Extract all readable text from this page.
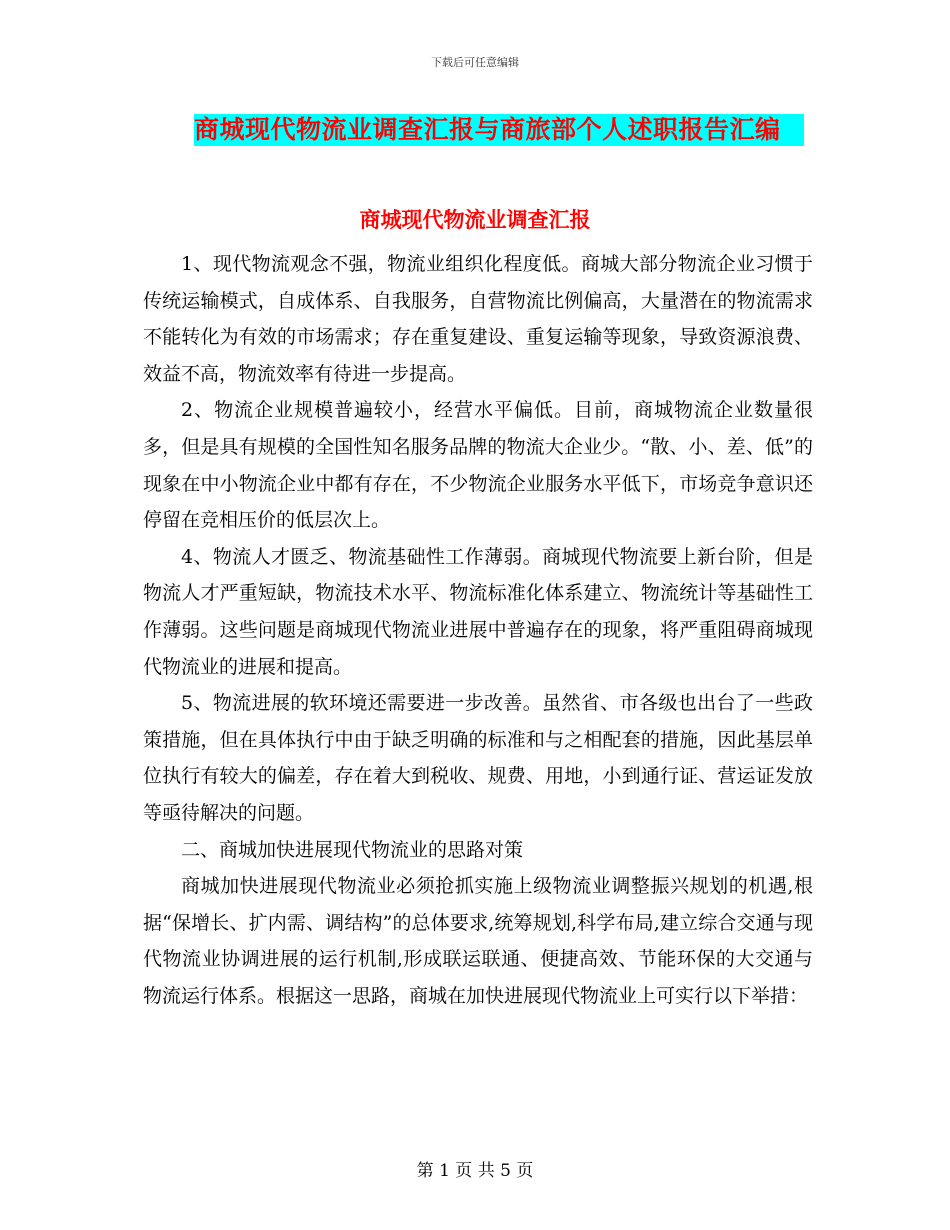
下载后可任意编辑
商城现代物流业调查汇报与商旅部个人述职报告汇编
商城现代物流业调查汇报

1、现代物流观念不强，物流业组织化程度低。商城大部分物流企业习惯于传统运输模式，自成体系、自我服务，自营物流比例偏高，大量潜在的物流需求不能转化为有效的市场需求；存在重复建设、重复运输等现象，导致资源浪费、效益不高，物流效率有待进一步提高。

2、物流企业规模普遍较小，经营水平偏低。目前，商城物流企业数量很多，但是具有规模的全国性知名服务品牌的物流大企业少。“散、小、差、低”的现象在中小物流企业中都有存在，不少物流企业服务水平低下，市场竞争意识还停留在竞相压价的低层次上。

4、物流人才匮乏、物流基础性工作薄弱。商城现代物流要上新台阶，但是物流人才严重短缺，物流技术水平、物流标准化体系建立、物流统计等基础性工作薄弱。这些问题是商城现代物流业进展中普遍存在的现象，将严重阻碍商城现代物流业的进展和提高。

5、物流进展的软环境还需要进一步改善。虽然省、市各级也出台了一些政策措施，但在具体执行中由于缺乏明确的标准和与之相配套的措施，因此基层单位执行有较大的偏差，存在着大到税收、规费、用地，小到通行证、营运证发放等亟待解决的问题。

二、商城加快进展现代物流业的思路对策

商城加快进展现代物流业必须抢抓实施上级物流业调整振兴规划的机遇,根据“保增长、扩内需、调结构”的总体要求,统筹规划,科学布局,建立综合交通与现代物流业协调进展的运行机制,形成联运联通、便捷高效、节能环保的大交通与物流运行体系。根据这一思路，商城在加快进展现代物流业上可实行以下举措：

第 1 页 共 5 页
